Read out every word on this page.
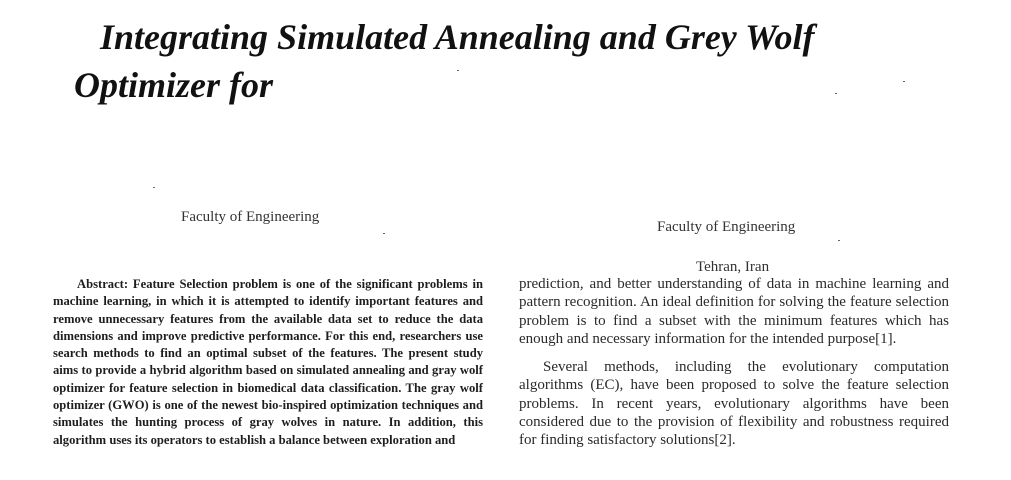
Integrating Simulated Annealing and Grey Wolf
Optimizer for
Faculty of Engineering
Faculty of Engineering
Tehran, Iran

Abstract: Feature Selection problem is one of the significant problems in machine learning, in which it is attempted to identify important features and remove unnecessary features from the available data set to reduce the data dimensions and improve predictive performance. For this end, researchers use search methods to find an optimal subset of the features. The present study aims to provide a hybrid algorithm based on simulated annealing and gray wolf optimizer for feature selection in biomedical data classification. The gray wolf optimizer (GWO) is one of the newest bio-inspired optimization techniques and simulates the hunting process of gray wolves in nature. In addition, this algorithm uses its operators to establish a balance between exploration and

prediction, and better understanding of data in machine learning and pattern recognition. An ideal definition for solving the feature selection problem is to find a subset with the minimum features which has enough and necessary information for the intended purpose[1].

Several methods, including the evolutionary computation algorithms (EC), have been proposed to solve the feature selection problems. In recent years, evolutionary algorithms have been considered due to the provision of flexibility and robustness required for finding satisfactory solutions[2].
